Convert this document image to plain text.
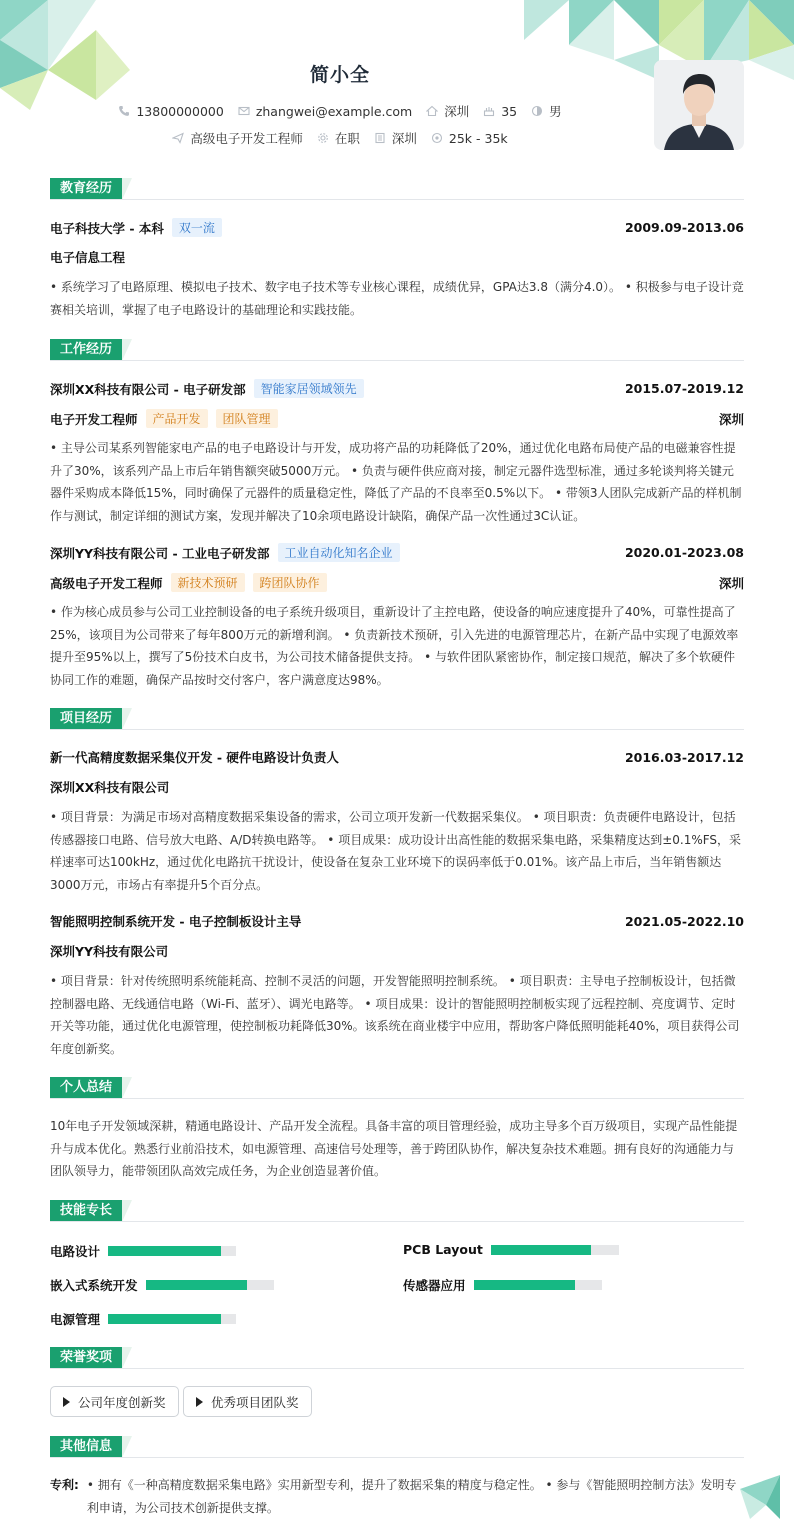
简小全
13800000000	zhangwei@example.com	深圳	35	男
高级电子开发工程师	在职	深圳	25k - 35k
教育经历
电子科技大学 - 本科	双一流	2009.09-2013.06
电子信息工程
• 系统学习了电路原理、模拟电子技术、数字电子技术等专业核心课程，成绩优异，GPA达3.8（满分4.0）。 • 积极参与电子设计竞赛相关培训，掌握了电子电路设计的基础理论和实践技能。
工作经历
深圳XX科技有限公司 - 电子研发部	智能家居领域领先	2015.07-2019.12
电子开发工程师	产品开发	团队管理	深圳
• 主导公司某系列智能家电产品的电子电路设计与开发，成功将产品的功耗降低了20%，通过优化电路布局使产品的电磁兼容性提升了30%，该系列产品上市后年销售额突破5000万元。 • 负责与硬件供应商对接，制定元器件选型标准，通过多轮谈判将关键元器件采购成本降低15%，同时确保了元器件的质量稳定性，降低了产品的不良率至0.5%以下。 • 带领3人团队完成新产品的样机制作与测试，制定详细的测试方案，发现并解决了10余项电路设计缺陷，确保产品一次性通过3C认证。
深圳YY科技有限公司 - 工业电子研发部	工业自动化知名企业	2020.01-2023.08
高级电子开发工程师	新技术预研	跨团队协作	深圳
• 作为核心成员参与公司工业控制设备的电子系统升级项目，重新设计了主控电路，使设备的响应速度提升了40%，可靠性提高了25%，该项目为公司带来了每年800万元的新增利润。 • 负责新技术预研，引入先进的电源管理芯片，在新产品中实现了电源效率提升至95%以上，撰写了5份技术白皮书，为公司技术储备提供支持。 • 与软件团队紧密协作，制定接口规范，解决了多个软硬件协同工作的难题，确保产品按时交付客户，客户满意度达98%。
项目经历
新一代高精度数据采集仪开发 - 硬件电路设计负责人	2016.03-2017.12
深圳XX科技有限公司
• 项目背景：为满足市场对高精度数据采集设备的需求，公司立项开发新一代数据采集仪。 • 项目职责：负责硬件电路设计，包括传感器接口电路、信号放大电路、A/D转换电路等。 • 项目成果：成功设计出高性能的数据采集电路，采集精度达到±0.1%FS，采样速率可达100kHz，通过优化电路抗干扰设计，使设备在复杂工业环境下的误码率低于0.01%。该产品上市后，当年销售额达3000万元，市场占有率提升5个百分点。
智能照明控制系统开发 - 电子控制板设计主导	2021.05-2022.10
深圳YY科技有限公司
• 项目背景：针对传统照明系统能耗高、控制不灵活的问题，开发智能照明控制系统。 • 项目职责：主导电子控制板设计，包括微控制器电路、无线通信电路（Wi-Fi、蓝牙）、调光电路等。 • 项目成果：设计的智能照明控制板实现了远程控制、亮度调节、定时开关等功能，通过优化电源管理，使控制板功耗降低30%。该系统在商业楼宇中应用，帮助客户降低照明能耗40%，项目获得公司年度创新奖。
个人总结
10年电子开发领域深耕，精通电路设计、产品开发全流程。具备丰富的项目管理经验，成功主导多个百万级项目，实现产品性能提升与成本优化。熟悉行业前沿技术，如电源管理、高速信号处理等，善于跨团队协作，解决复杂技术难题。拥有良好的沟通能力与团队领导力，能带领团队高效完成任务，为企业创造显著价值。
技能专长
电路设计	PCB Layout
嵌入式系统开发	传感器应用
电源管理
荣誉奖项
公司年度创新奖	优秀项目团队奖
其他信息
专利: • 拥有《一种高精度数据采集电路》实用新型专利，提升了数据采集的精度与稳定性。 • 参与《智能照明控制方法》发明专利申请，为公司技术创新提供支撑。
